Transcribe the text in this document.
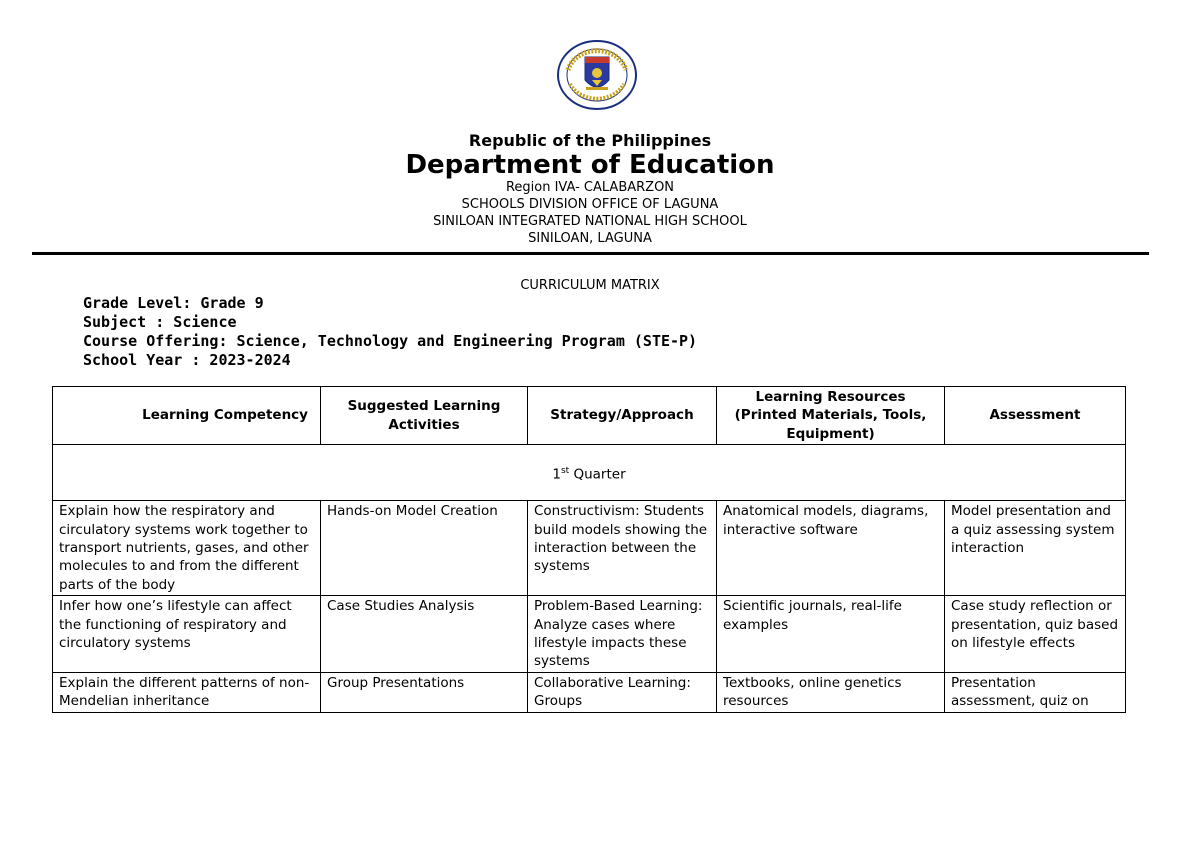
Republic of the Philippines
Department of Education
Region IVA- CALABARZON
SCHOOLS DIVISION OFFICE OF LAGUNA
SINILOAN INTEGRATED NATIONAL HIGH SCHOOL
SINILOAN, LAGUNA
CURRICULUM MATRIX
Grade Level: Grade 9
Subject : Science
Course Offering: Science, Technology and Engineering Program (STE-P)
School Year : 2023-2024
Learning Competency	Suggested Learning Activities	Strategy/Approach	Learning Resources (Printed Materials, Tools, Equipment)	Assessment
1st Quarter				
Explain how the respiratory and circulatory systems work together to transport nutrients, gases, and other molecules to and from the different parts of the body	Hands-on Model Creation	Constructivism: Students build models showing the interaction between the systems	Anatomical models, diagrams, interactive software	Model presentation and a quiz assessing system interaction
Infer how one’s lifestyle can affect the functioning of respiratory and circulatory systems	Case Studies Analysis	Problem-Based Learning: Analyze cases where lifestyle impacts these systems	Scientific journals, real-life examples	Case study reflection or presentation, quiz based on lifestyle effects
Explain the different patterns of non-Mendelian inheritance	Group Presentations	Collaborative Learning: Groups	Textbooks, online genetics resources	Presentation assessment, quiz on
